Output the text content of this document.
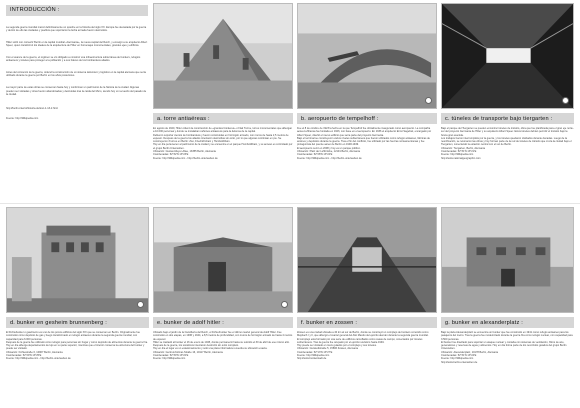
INTRODUCCIÓN :

La segunda guerra mundial marcó definitivamente un quiebre en la historia del siglo XX. Europa fue devastada por la guerra y dentro de ello las ciudades y pueblos que soportaron la lucha armada fueron destruidos.

Hitler soñó con convertir Berlín en la capital mundial «Germania», la nueva capital del Reich, y encargó a su arquitecto Albert Speer, quien transformó los ideales de la arquitectura de Hitler en homenajes monumentales, grandes ejes y edificios.

Con el avance de la guerra, el régimen se vio obligado a construir una infraestructura subterránea de bunkers, refugios antiaéreos y túneles para proteger a la población y a sus líderes de los bombardeos aliados.

Antes del comienzo de la guerra, ordenó la construcción de un sistema defensivo y logístico en la capital alemana que sería utilizado durante la guerra por Berlín en los años posteriores.

La mayor parte de estas obras se conservan hasta hoy y conforman un patrimonio de la historia de la ciudad. Algunas pueden ser visitadas y otras fueron abandonadas y destruidas tras la caída del Muro, siendo hoy un recuerdo del pasado de la ciudad.

http://berlin-interiorhistoria.de/tour-1-13-2.html

Fuente: http://Wikipedia.com	a. torre antiaéreas :	b. aeropuerto de tempelhoff :	c. túneles de transporte bajo tiergarten :

En agosto de 1940, Hitler ordenó la construcción de «grandes búnkeres» o Flak Turme, torres monumentales que albergan a 10.000 personas y donde se instalaban cañones antiaéreos para la defensa de la capital.
Debieron soportar cientos de bombardeos y fueron construidas en hormigón armado, con muros de hasta 2,5 metros de espesor. Después de la guerra los aliados intentaron destruirlas sin éxito, por lo que algunas continúan en pie. Se construyeron 3 torres en Berlín: Zoo, Friedrichshain y Humboldthain.
Hoy en día pertenecen al patrimonio de la ciudad y se encuentra en el parque Humboldthain, y su acceso es controlado por el grupo Berlin Unterwelten.
Ubicación: Gustav-Meyer-Allee, 13355 Berlín, Alemania
Coordenadas: 52°32′N 13°23′E
Fuente: http://Wikipedia.com - http://berlin-unterwelten.de

Fue el 8 de octubre de 1923 la fecha en la que Tempelhof fue oficialmente inaugurado como aeropuerto. La compañía aérea Lufthansa fue fundada en 1926, con base en el aeropuerto. En 1936 el arquitecto Ernst Sagebiel, encargado por Albert Speer, diseñó el nuevo edificio que sería parte del proyecto Germania.
Bajo el terminal se construyeron varios niveles subterráneos que fueron utilizados como refugio antiaéreo, fábricas de aviones y depósitos durante la guerra. Tras el fin del conflicto, fue utilizado por las fuerzas norteamericanas y fue protagonista del puente aéreo de Berlín en 1948-1949.
El aeropuerto cerró en 2008 y hoy es un parque público.
Ubicación: Platz der Luftbrücke, 12101 Berlín, Alemania
Coordenadas: 52°28′N 13°24′E
Fuente: http://Wikipedia.com - http://berlin-unterwelten.de

Bajo el parque del Tiergarten se pueden encontrar túneles de tránsito, obra que fue planificada para el gran eje norte-sur del proyecto Germania de Hitler y su arquitecto Albert Speer. Estos túneles debían permitir el tránsito bajo la futura gran avenida.
Los trabajos fueron interrumpidos por la guerra, y los túneles quedaron olvidados durante décadas. Luego de la reunificación, se retomaron las obras y hoy forman parte de la red de túneles de tránsito que cruza la ciudad bajo el Tiergarten, conectando la estación central con el sur de Berlín.
Ubicación: Tiergarten, Berlín, Alemania
Coordenadas: 52°31′N 13°21′E
Fuente: http://Wikipedia.com
http://www.nationalgeographic.com

d. bunker en gesheim brunnenberg :	e. bunker de adolf hitler :	f. bunker en zossen :	g. bunker en alexanderplatz :

El Fichtebunker o gasómetro es uno de los pocos edificios del siglo XIX que se conservan en Berlín. Originalmente fue construido como depósito de gas y luego transformado en refugio antiaéreo durante la segunda guerra mundial, con capacidad para 6.000 personas.
Después de la guerra fue utilizado como refugio para personas sin hogar y como depósito de alimentos durante la guerra fría. Hoy en día alberga departamentos de lujo en su parte superior, mientras que el interior conserva la estructura del bunker y puede ser visitado.
Ubicación: Fichtestraße 6, 10967 Berlín, Alemania
Coordenadas: 52°29′N 13°25′E
Fuente: http://Wikipedia.com - http://berlin-unterwelten.de

Ubicado bajo el jardín de la Cancillería del Reich, el Führerbunker fue el último cuartel general de Adolf Hitler. Fue construido en dos etapas, en 1936 y 1944, a 8,5 metros de profundidad, con muros de hormigón armado de hasta 4 metros de espesor.
Hitler se trasladó al bunker el 16 de enero de 1945, donde permaneció hasta su suicidio el 30 de abril de ese mismo año. Después de la guerra, los soviéticos intentaron destruirlo sin éxito completo.
Hoy en día el lugar es un estacionamiento y solo una placa informativa recuerda su ubicación exacta.
Ubicación: Gertrud-Kolmar-Straße 16, 10117 Berlín, Alemania
Coordenadas: 52°30′N 13°22′E
Fuente: http://Wikipedia.com

Zossen es una ciudad ubicada a 40 km al sur de Berlín, donde se construyó un complejo de bunkers conocido como Maybach I y II, que albergó el cuartel general del Alto Mando del ejército alemán durante la segunda guerra mundial.
El complejo está formado por una serie de edificios camuflados como casas de campo, conectados por túneles subterráneos. Tras la guerra fue ocupado por el ejército soviético hasta 1994.
Hoy puede ser visitado en tours guiados por el complejo y sus túneles.
Ubicación: Gutstedtstraße 5, 15806 Zossen, Alemania
Coordenadas: 52°13′N 13°27′E
Fuente: http://Wikipedia.com
http://www.bunkerstadt.de

Bajo la plaza Alexanderplatz se encuentra un bunker que fue construido en 1941 como refugio antiaéreo para los pasajeros del metro. Tras la guerra fue modernizado durante la guerra fría como refugio nuclear, con capacidad para 3.500 personas.
El bunker fue diseñado para soportar un ataque nuclear y contaba con sistemas de ventilación, filtros de aire, generadores y reservas de agua y alimentos. Hoy en día forma parte de los recorridos guiados del grupo Berlin Unterwelten.
Ubicación: Alexanderplatz, 10178 Berlín, Alemania
Coordenadas: 52°31′N 13°24′E
Fuente: http://Wikipedia.com
http://www.berlin-unterwelten.de
